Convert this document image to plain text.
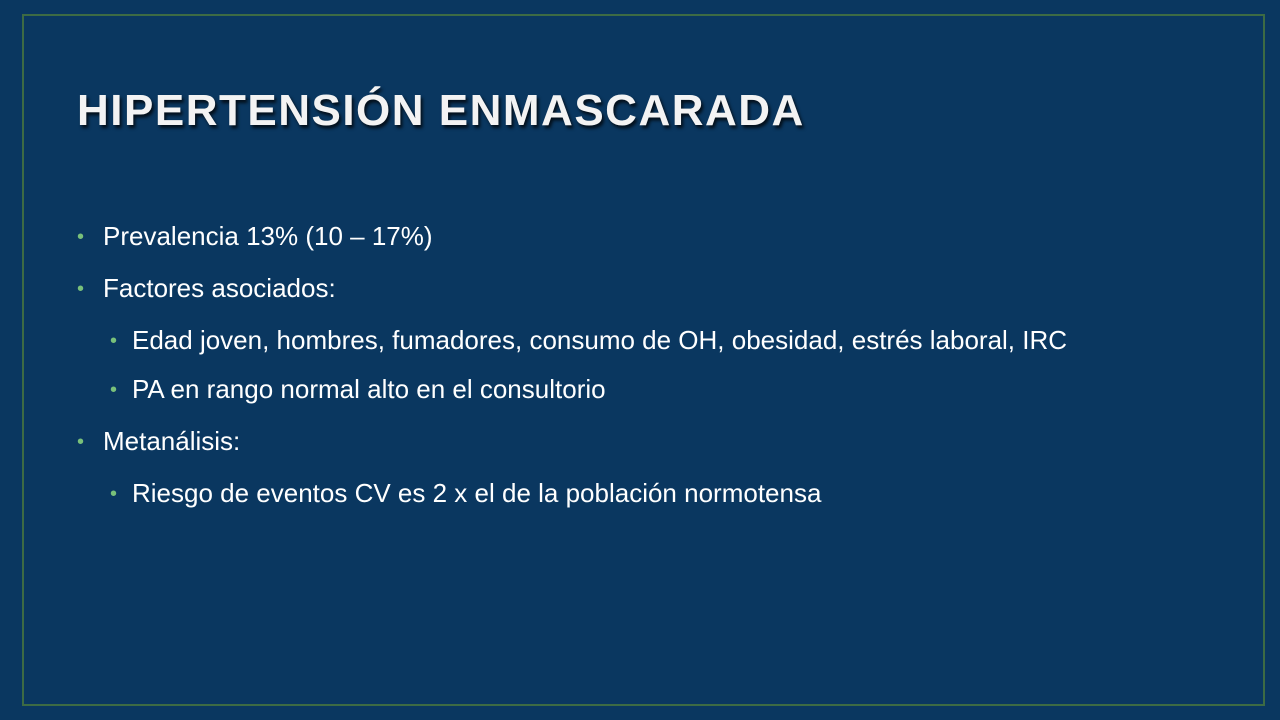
HIPERTENSIÓN ENMASCARADA

• Prevalencia 13% (10 – 17%)

• Factores asociados:

• Edad joven, hombres, fumadores, consumo de OH, obesidad, estrés laboral, IRC

• PA en rango normal alto en el consultorio

• Metanálisis:

• Riesgo de eventos CV es 2 x el de la población normotensa
